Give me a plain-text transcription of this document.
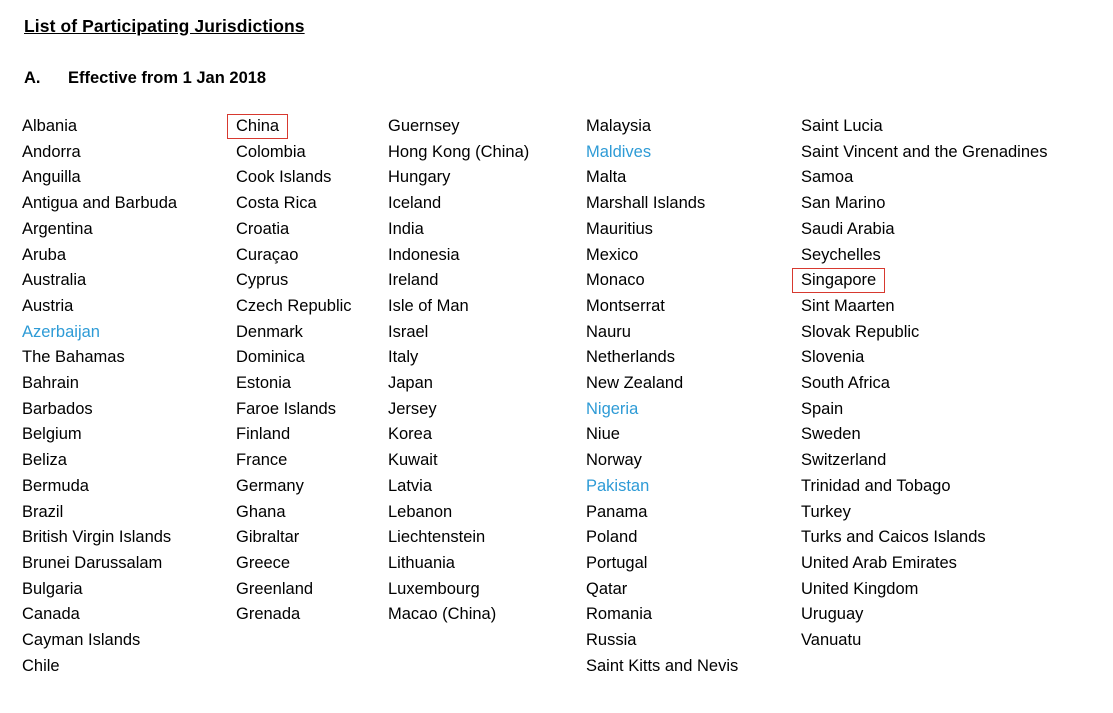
List of Participating Jurisdictions
A.	Effective from 1 Jan 2018
Albania
Andorra
Anguilla
Antigua and Barbuda
Argentina
Aruba
Australia
Austria
Azerbaijan
The Bahamas
Bahrain
Barbados
Belgium
Beliza
Bermuda
Brazil
British Virgin Islands
Brunei Darussalam
Bulgaria
Canada
Cayman Islands
Chile
China
Colombia
Cook Islands
Costa Rica
Croatia
Curaçao
Cyprus
Czech Republic
Denmark
Dominica
Estonia
Faroe Islands
Finland
France
Germany
Ghana
Gibraltar
Greece
Greenland
Grenada
Guernsey
Hong Kong (China)
Hungary
Iceland
India
Indonesia
Ireland
Isle of Man
Israel
Italy
Japan
Jersey
Korea
Kuwait
Latvia
Lebanon
Liechtenstein
Lithuania
Luxembourg
Macao (China)
Malaysia
Maldives
Malta
Marshall Islands
Mauritius
Mexico
Monaco
Montserrat
Nauru
Netherlands
New Zealand
Nigeria
Niue
Norway
Pakistan
Panama
Poland
Portugal
Qatar
Romania
Russia
Saint Kitts and Nevis
Saint Lucia
Saint Vincent and the Grenadines
Samoa
San Marino
Saudi Arabia
Seychelles
Singapore
Sint Maarten
Slovak Republic
Slovenia
South Africa
Spain
Sweden
Switzerland
Trinidad and Tobago
Turkey
Turks and Caicos Islands
United Arab Emirates
United Kingdom
Uruguay
Vanuatu
